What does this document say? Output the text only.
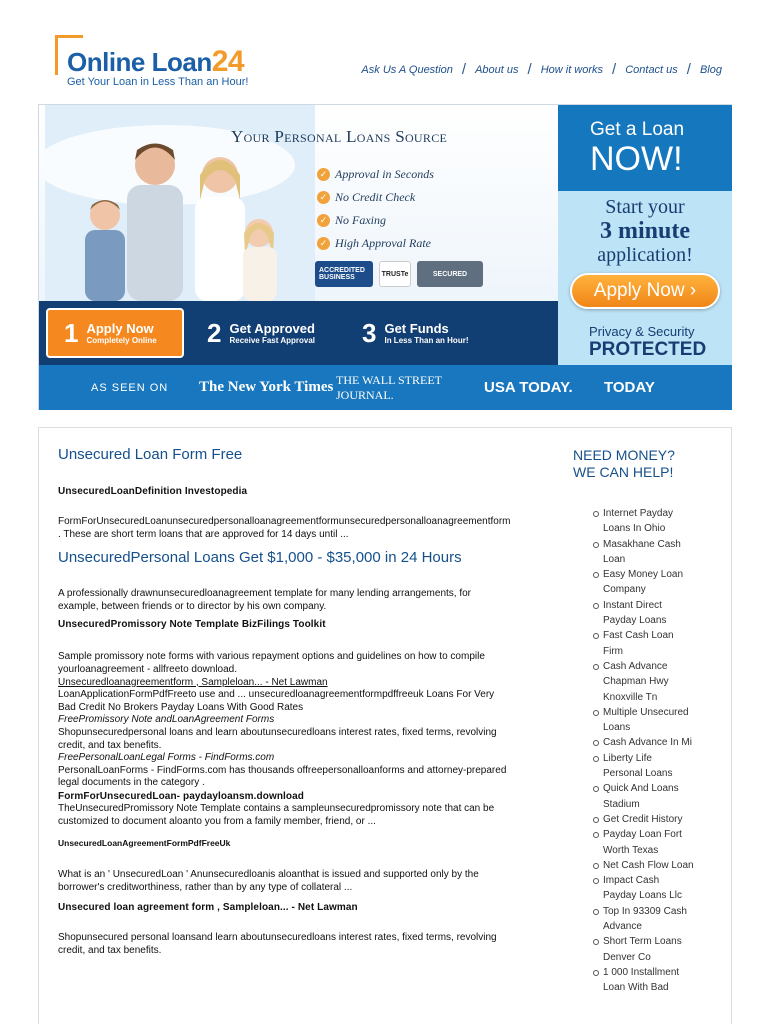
Online Loan24
Get Your Loan in Less Than an Hour!
Ask Us A Question / About us / How it works / Contact us / Blog
Your Personal Loans Source
✓ Approval in Seconds
✓ No Credit Check
✓ No Faxing
✓ High Approval Rate
ACCREDITED BUSINESS	TRUSTe	SECURED
Get a Loan
NOW!
Start your
3 minute
application!
Apply Now ›
Privacy & Security
PROTECTED
1 Apply Now
Completely Online 2 Get Approved
Receive Fast Approval 3 Get Funds
In Less Than an Hour!
AS SEEN ON	The New York Times THE WALL STREET JOURNAL.	USA TODAY.	TODAY
Unsecured Loan Form Free
UnsecuredLoanDefinition Investopedia
FormForUnsecuredLoanunsecuredpersonalloanagreementformunsecuredpersonalloanagreementform
. These are short term loans that are approved for 14 days until ...
UnsecuredPersonal Loans Get $1,000 - $35,000 in 24 Hours
A professionally drawnunsecuredloanagreement template for many lending arrangements, for
example, between friends or to director by his own company.
UnsecuredPromissory Note Template BizFilings Toolkit
Sample promissory note forms with various repayment options and guidelines on how to compile
yourloanagreement - allfreeto download.
Unsecuredloanagreementform , Sampleloan... - Net Lawman
LoanApplicationFormPdfFreeto use and ... unsecuredloanagreementformpdffreeuk Loans For Very
Bad Credit No Brokers Payday Loans With Good Rates
FreePromissory Note andLoanAgreement Forms
Shopunsecuredpersonal loans and learn aboutunsecuredloans interest rates, fixed terms, revolving
credit, and tax benefits.
FreePersonalLoanLegal Forms - FindForms.com
PersonalLoanForms - FindForms.com has thousands offreepersonalloanforms and attorney-prepared
legal documents in the category .
FormForUnsecuredLoan- paydayloansm.download
TheUnsecuredPromissory Note Template contains a sampleunsecuredpromissory note that can be
customized to document aloanto you from a family member, friend, or ...
UnsecuredLoanAgreementFormPdfFreeUk
What is an ' UnsecuredLoan ' Anunsecuredloanis aloanthat is issued and supported only by the
borrower's creditworthiness, rather than by any type of collateral ...
Unsecured loan agreement form , Sampleloan... - Net Lawman
Shopunsecured personal loansand learn aboutunsecuredloans interest rates, fixed terms, revolving
credit, and tax benefits.
NEED MONEY?
WE CAN HELP!
Internet Payday
Loans In Ohio
Masakhane Cash
Loan
Easy Money Loan
Company
Instant Direct
Payday Loans
Fast Cash Loan
Firm
Cash Advance
Chapman Hwy
Knoxville Tn
Multiple Unsecured
Loans
Cash Advance In Mi
Liberty Life
Personal Loans
Quick And Loans
Stadium
Get Credit History
Payday Loan Fort
Worth Texas
Net Cash Flow Loan
Impact Cash
Payday Loans Llc
Top In 93309 Cash
Advance
Short Term Loans
Denver Co
1 000 Installment
Loan With Bad
